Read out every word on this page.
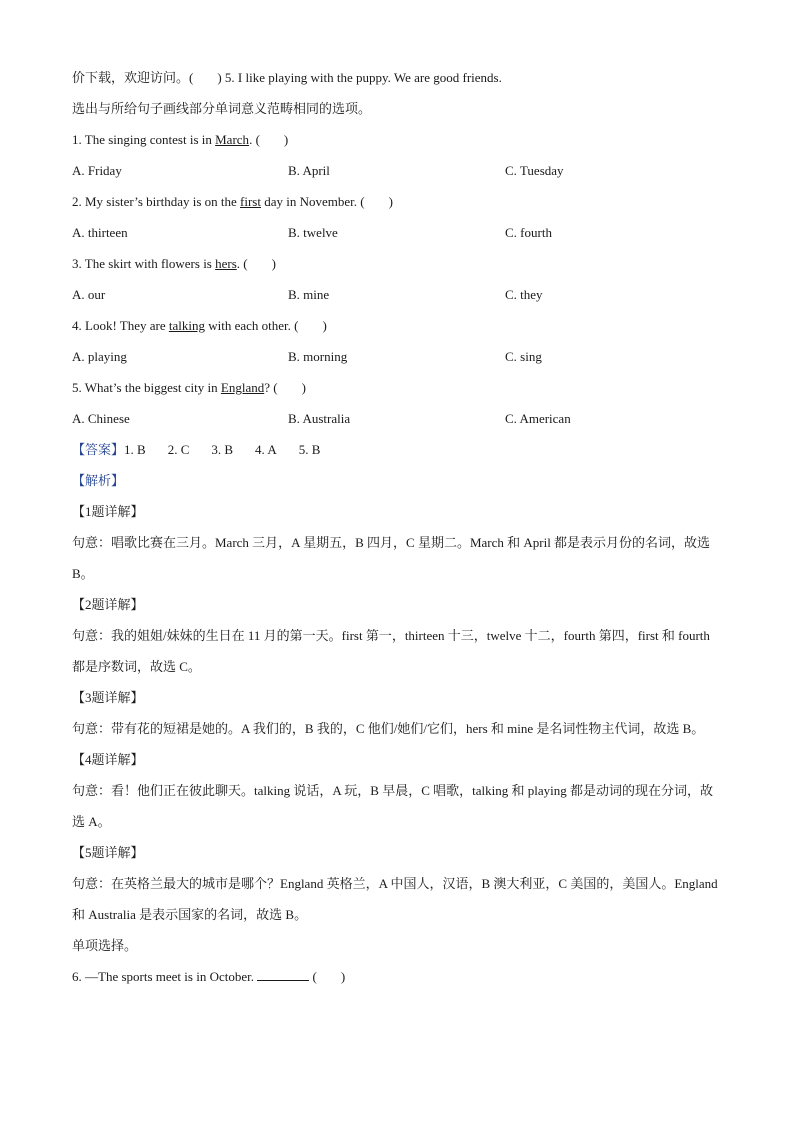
价下载，欢迎访问。( ) 5. I like playing with the puppy. We are good friends.
选出与所给句子画线部分单词意义范畴相同的选项。
1. The singing contest is in March. ( )
A. Friday	B. April	C. Tuesday
2. My sister’s birthday is on the first day in November. ( )
A. thirteen	B. twelve	C. fourth
3. The skirt with flowers is hers. ( )
A. our	B. mine	C. they
4. Look! They are talking with each other. ( )
A. playing	B. morning	C. sing
5. What’s the biggest city in England? ( )
A. Chinese	B. Australia	C. American
【答案】1. B 2. C 3. B 4. A 5. B
【解析】
【1题详解】
句意：唱歌比赛在三月。March 三月，A 星期五，B 四月，C 星期二。March 和 April 都是表示月份的名词，故选 B。
【2题详解】
句意：我的姐姐/妹妹的生日在 11 月的第一天。first 第一，thirteen 十三，twelve 十二，fourth 第四，first 和 fourth 都是序数词，故选 C。
【3题详解】
句意：带有花的短裙是她的。A 我们的，B 我的，C 他们/她们/它们，hers 和 mine 是名词性物主代词，故选 B。
【4题详解】
句意：看！他们正在彼此聊天。talking 说话，A 玩，B 早晨，C 唱歌，talking 和 playing 都是动词的现在分词，故选 A。
【5题详解】
句意：在英格兰最大的城市是哪个？England 英格兰，A 中国人，汉语，B 澳大利亚，C 美国的，美国人。England 和 Australia 是表示国家的名词，故选 B。
单项选择。
6. —The sports meet is in October.	( )
